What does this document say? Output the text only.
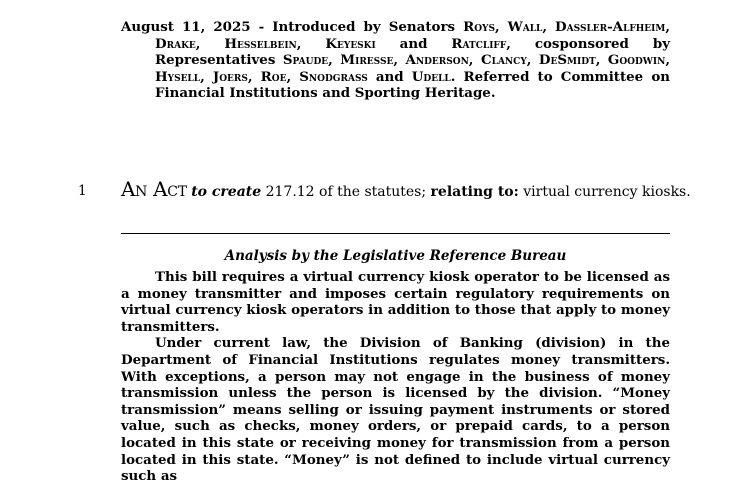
August 11, 2025 - Introduced by Senators Roys, Wall, Dassler-Alfheim, Drake, Hesselbein, Keyeski and Ratcliff, cosponsored by Representatives Spaude, Miresse, Anderson, Clancy, DeSmidt, Goodwin, Hysell, Joers, Roe, Snodgrass and Udell. Referred to Committee on Financial Institutions and Sporting Heritage.
1 An Act to create 217.12 of the statutes; relating to: virtual currency kiosks.
Analysis by the Legislative Reference Bureau

This bill requires a virtual currency kiosk operator to be licensed as a money transmitter and imposes certain regulatory requirements on virtual currency kiosk operators in addition to those that apply to money transmitters.

Under current law, the Division of Banking (division) in the Department of Financial Institutions regulates money transmitters. With exceptions, a person may not engage in the business of money transmission unless the person is licensed by the division. “Money transmission” means selling or issuing payment instruments or stored value, such as checks, money orders, or prepaid cards, to a person located in this state or receiving money for transmission from a person located in this state. “Money” is not defined to include virtual currency such as
